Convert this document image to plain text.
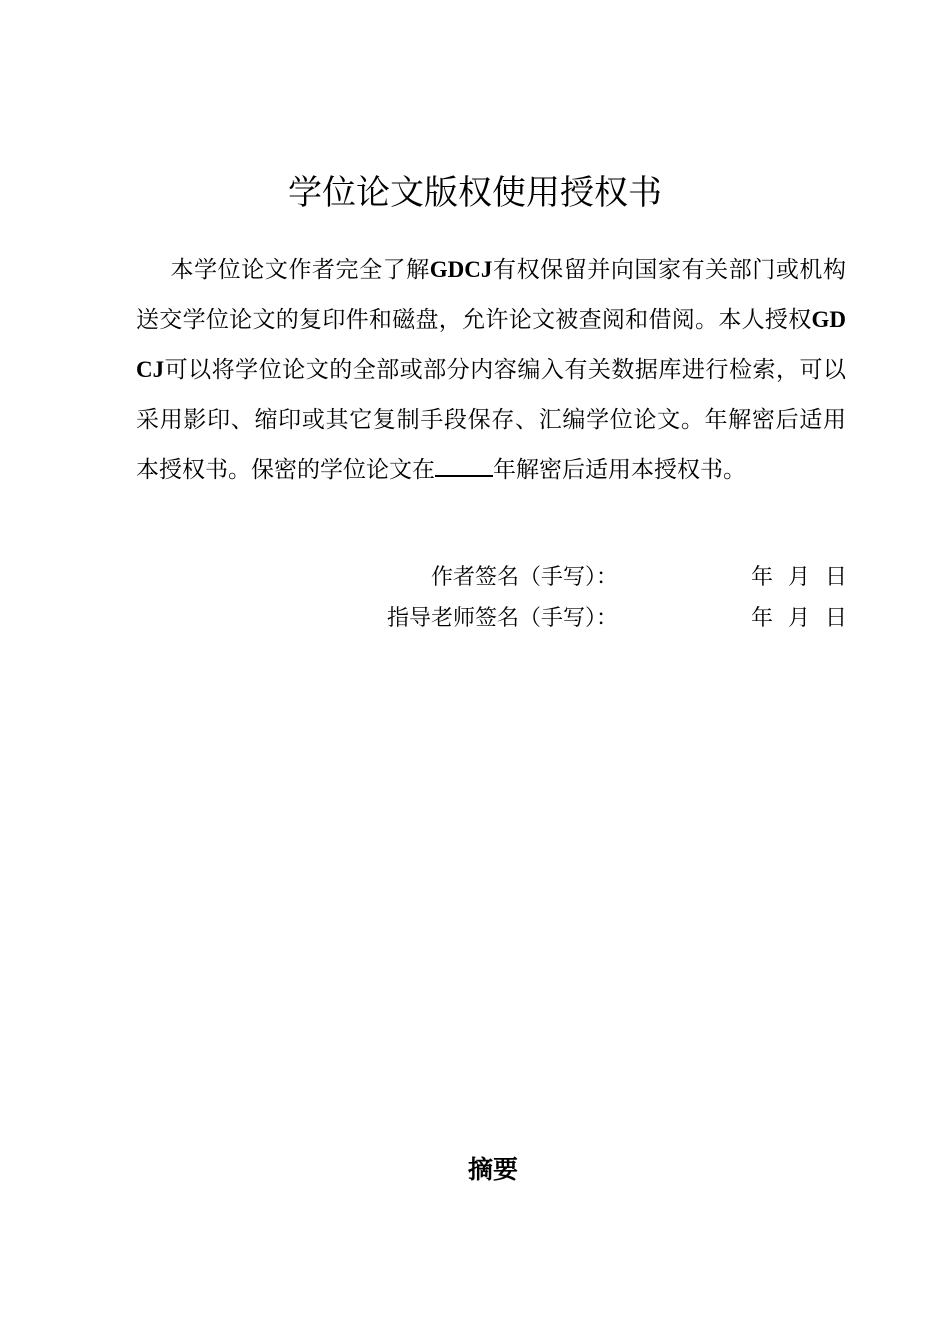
学位论文版权使用授权书

本学位论文作者完全了解GDCJ有权保留并向国家有关部门或机构送交学位论文的复印件和磁盘，允许论文被查阅和借阅。本人授权GDCJ可以将学位论文的全部或部分内容编入有关数据库进行检索，可以采用影印、缩印或其它复制手段保存、汇编学位论文。年解密后适用本授权书。保密的学位论文在	年解密后适用本授权书。

作者签名（手写）：	年 月 日
指导老师签名（手写）：	年 月 日
摘要
